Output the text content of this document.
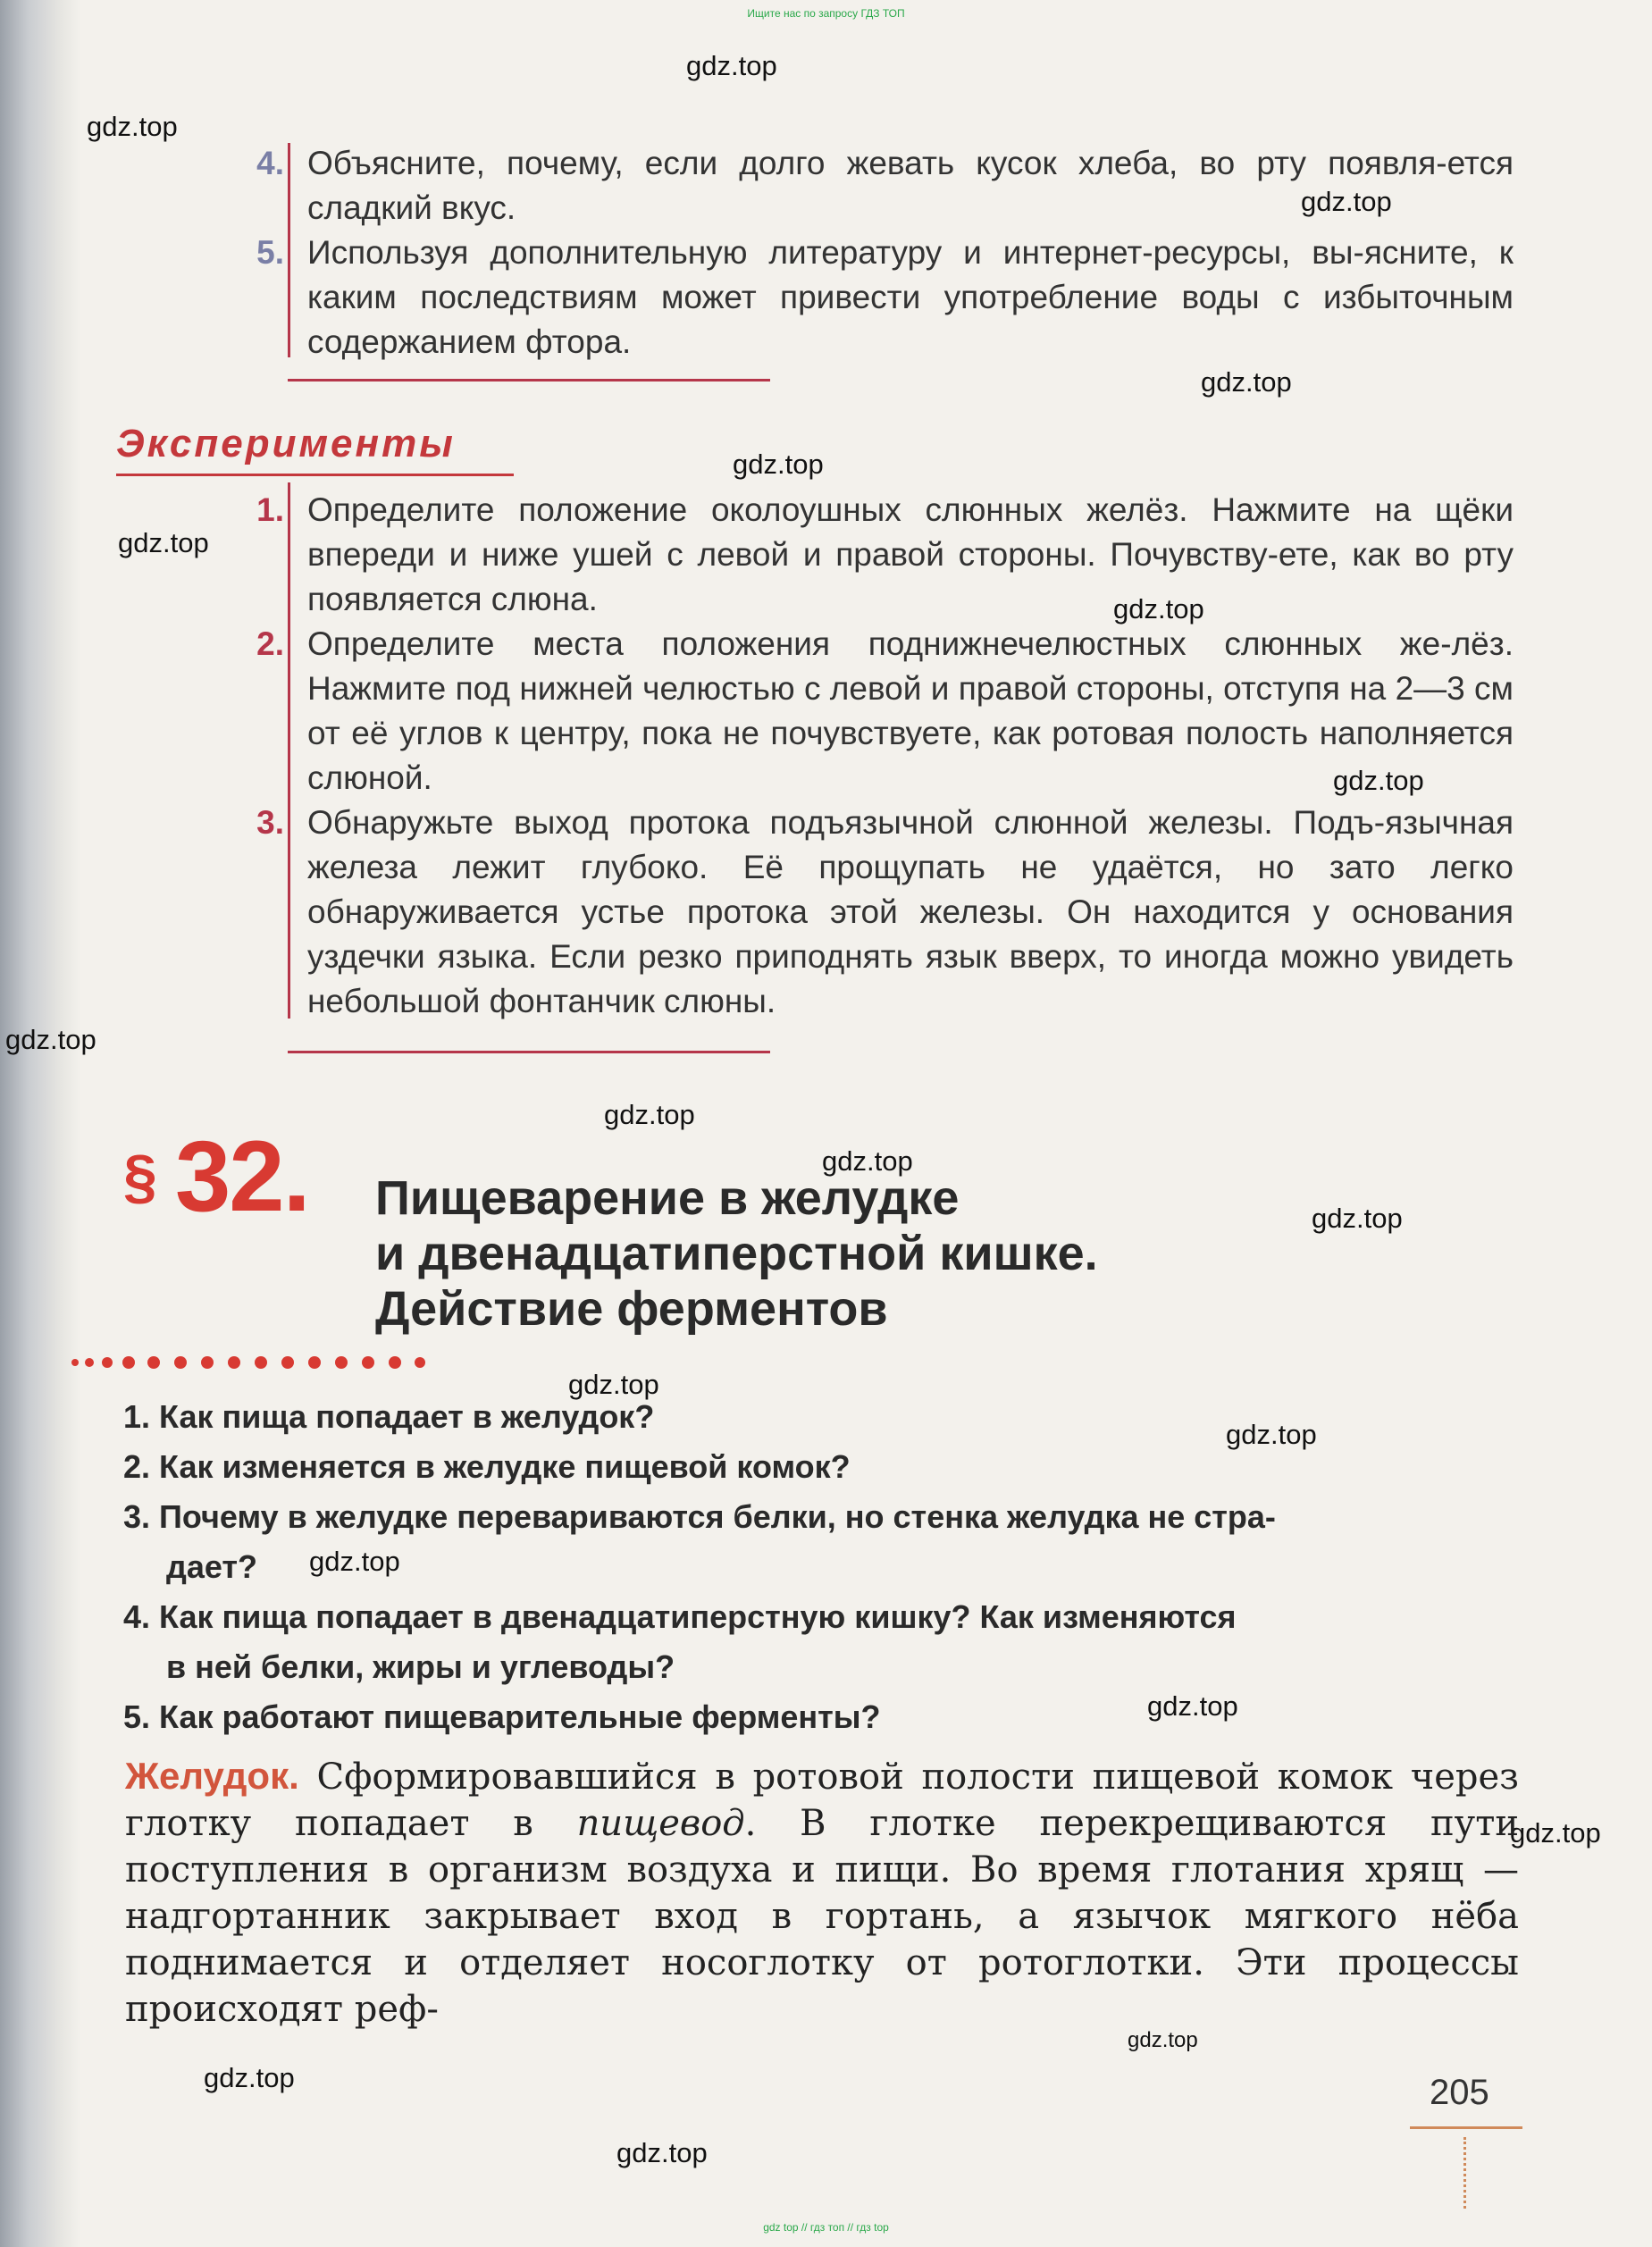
Ищите нас по запросу ГДЗ ТОП
gdz.top
gdz.top
gdz.top
gdz.top
gdz.top
gdz.top
gdz.top
gdz.top
gdz.top
gdz.top
gdz.top
gdz.top
gdz.top
gdz.top
gdz.top
gdz.top
gdz.top
gdz.top
gdz.top
gdz.top
4. Объясните, почему, если долго жевать кусок хлеба, во рту появля-ется сладкий вкус.
5. Используя дополнительную литературу и интернет-ресурсы, вы-ясните, к каким последствиям может привести употребление воды с избыточным содержанием фтора.
Эксперименты
1. Определите положение околоушных слюнных желёз. Нажмите на щёки впереди и ниже ушей с левой и правой стороны. Почувству-ете, как во рту появляется слюна.
2. Определите места положения поднижнечелюстных слюнных же-лёз. Нажмите под нижней челюстью с левой и правой стороны, отступя на 2—3 см от её углов к центру, пока не почувствуете, как ротовая полость наполняется слюной.
3. Обнаружьте выход протока подъязычной слюнной железы. Подъ-язычная железа лежит глубоко. Её прощупать не удаётся, но зато легко обнаруживается устье протока этой железы. Он находится у основания уздечки языка. Если резко приподнять язык вверх, то иногда можно увидеть небольшой фонтанчик слюны.
§ 32. Пищеварение в желудке
и двенадцатиперстной кишке.
Действие ферментов
1. Как пища попадает в желудок?
2. Как изменяется в желудке пищевой комок?
3. Почему в желудке перевариваются белки, но стенка желудка не стра-
дает?
4. Как пища попадает в двенадцатиперстную кишку? Как изменяются
в ней белки, жиры и углеводы?
5. Как работают пищеварительные ферменты?
Желудок. Сформировавшийся в ротовой полости пищевой комок через глотку попадает в пищевод. В глотке перекрещиваются пути поступления в организм воздуха и пищи. Во время глотания хрящ — надгортанник закрывает вход в гортань, а язычок мягкого нёба поднимается и отделяет носоглотку от ротоглотки. Эти процессы происходят реф-
205
gdz top // гдз топ // гдз top
